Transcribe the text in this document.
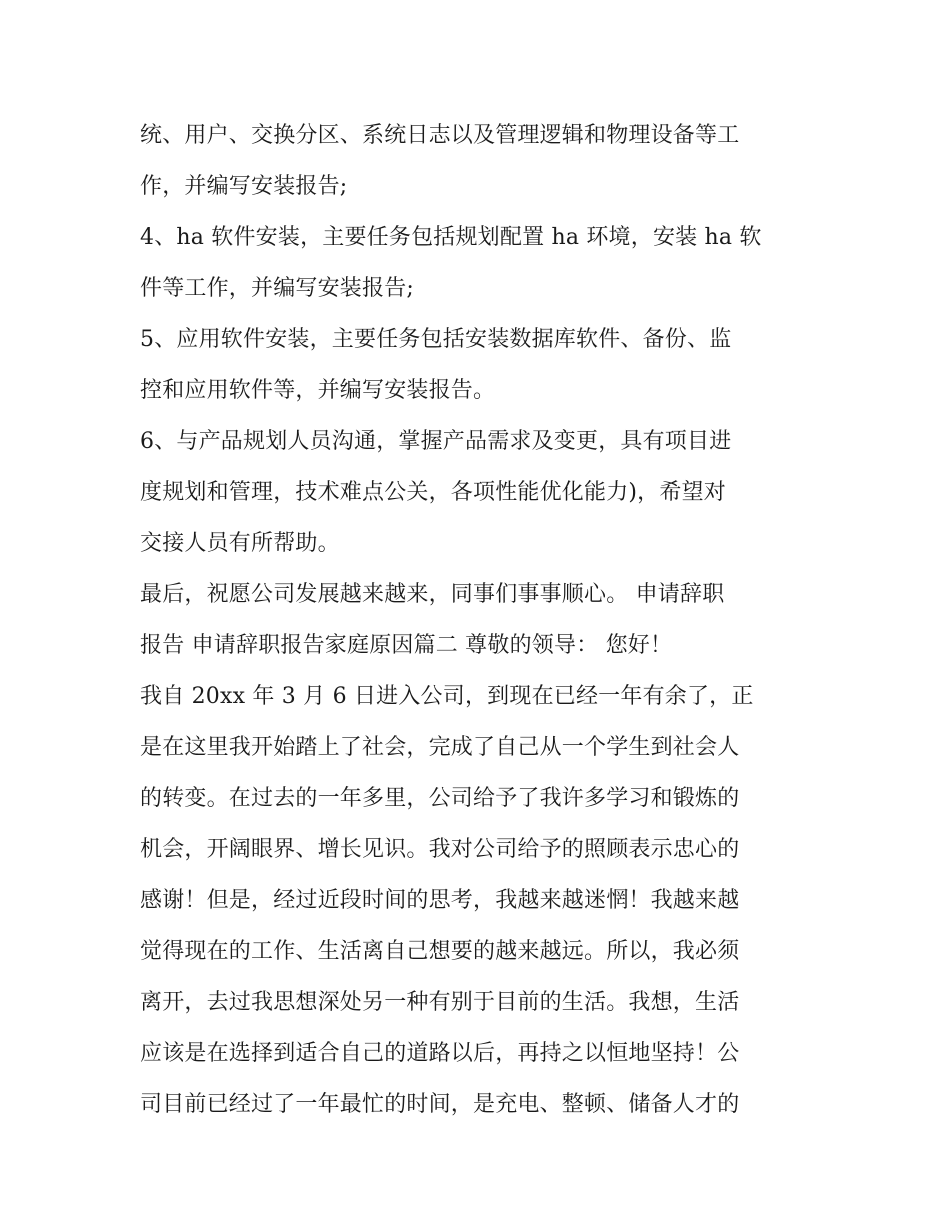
统、用户、交换分区、系统日志以及管理逻辑和物理设备等工
作，并编写安装报告;
4、ha 软件安装，主要任务包括规划配置 ha 环境，安装 ha 软
件等工作，并编写安装报告;
5、应用软件安装，主要任务包括安装数据库软件、备份、监
控和应用软件等，并编写安装报告。
6、与产品规划人员沟通，掌握产品需求及变更，具有项目进
度规划和管理，技术难点公关，各项性能优化能力)，希望对
交接人员有所帮助。
最后，祝愿公司发展越来越来，同事们事事顺心。 申请辞职
报告 申请辞职报告家庭原因篇二 尊敬的领导： 您好！
我自 20xx 年 3 月 6 日进入公司，到现在已经一年有余了，正
是在这里我开始踏上了社会，完成了自己从一个学生到社会人
的转变。在过去的一年多里，公司给予了我许多学习和锻炼的
机会，开阔眼界、增长见识。我对公司给予的照顾表示忠心的
感谢！但是，经过近段时间的思考，我越来越迷惘！我越来越
觉得现在的工作、生活离自己想要的越来越远。所以，我必须
离开，去过我思想深处另一种有别于目前的生活。我想，生活
应该是在选择到适合自己的道路以后，再持之以恒地坚持！公
司目前已经过了一年最忙的时间，是充电、整顿、储备人才的
